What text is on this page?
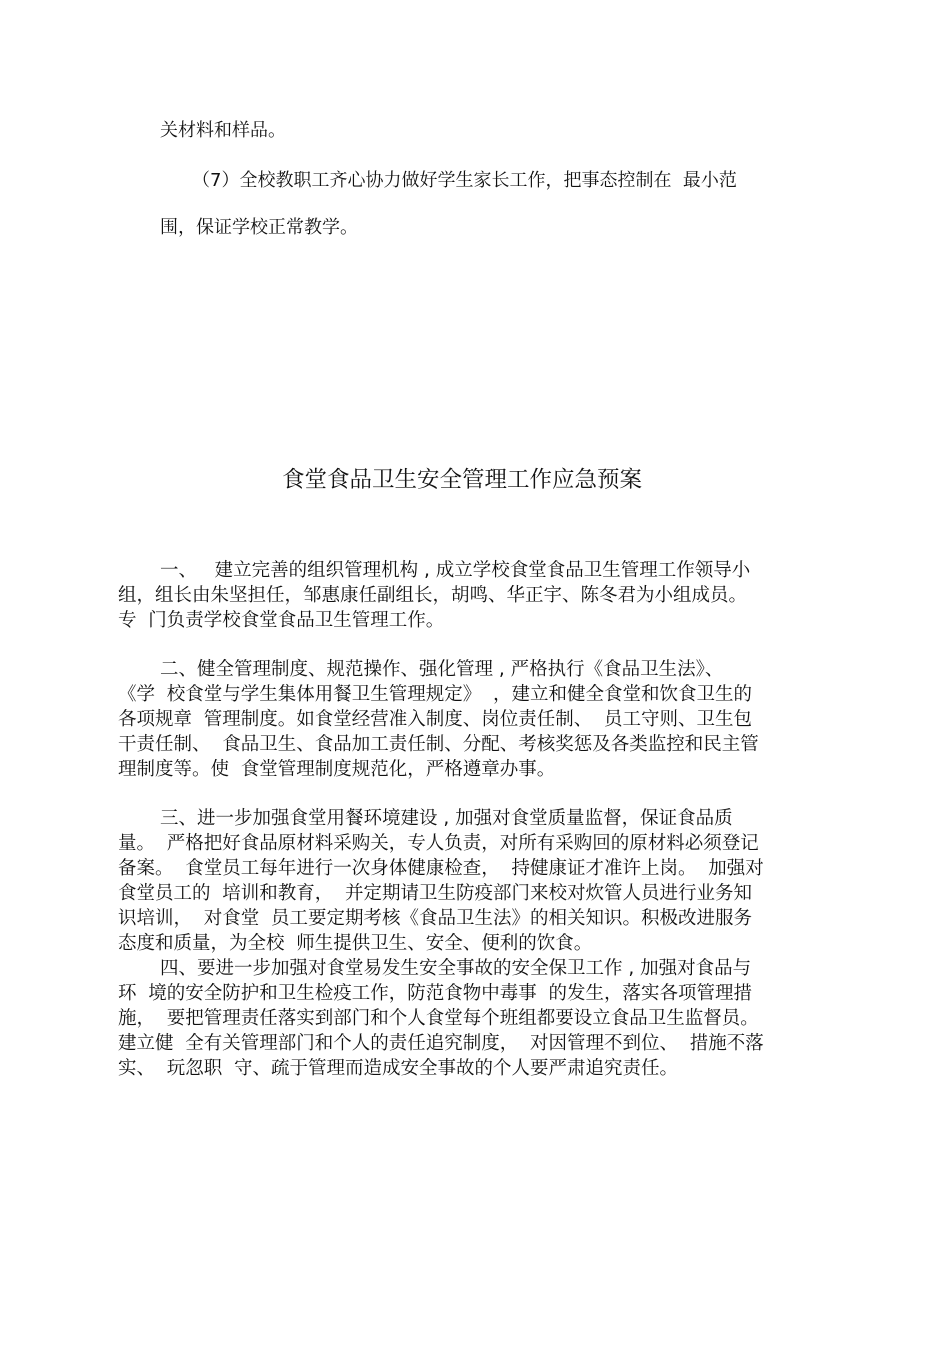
关材料和样品。
（7）全校教职工齐心协力做好学生家长工作，把事态控制在  最小范
围，保证学校正常教学。
食堂食品卫生安全管理工作应急预案
一、   建立完善的组织管理机构 , 成立学校食堂食品卫生管理工作领导小
组，组长由朱坚担任，邹惠康任副组长，胡鸣、华正宇、陈冬君为小组成员。
专  门负责学校食堂食品卫生管理工作。
二、健全管理制度、规范操作、强化管理 , 严格执行《食品卫生法》、
《学  校食堂与学生集体用餐卫生管理规定》  ，建立和健全食堂和饮食卫生的
各项规章  管理制度。如食堂经营准入制度、岗位责任制、  员工守则、卫生包
干责任制、  食品卫生、食品加工责任制、分配、考核奖惩及各类监控和民主管
理制度等。使  食堂管理制度规范化，严格遵章办事。
三、进一步加强食堂用餐环境建设 , 加强对食堂质量监督，保证食品质
量。  严格把好食品原材料采购关，专人负责，对所有采购回的原材料必须登记
备案。  食堂员工每年进行一次身体健康检查，  持健康证才准许上岗。  加强对
食堂员工的  培训和教育，  并定期请卫生防疫部门来校对炊管人员进行业务知
识培训，  对食堂  员工要定期考核《食品卫生法》的相关知识。积极改进服务
态度和质量，为全校  师生提供卫生、安全、便利的饮食。
四、要进一步加强对食堂易发生安全事故的安全保卫工作 , 加强对食品与
环  境的安全防护和卫生检疫工作，防范食物中毒事  的发生，落实各项管理措
施，  要把管理责任落实到部门和个人食堂每个班组都要设立食品卫生监督员。
建立健  全有关管理部门和个人的责任追究制度，  对因管理不到位、  措施不落
实、  玩忽职  守、疏于管理而造成安全事故的个人要严肃追究责任。
